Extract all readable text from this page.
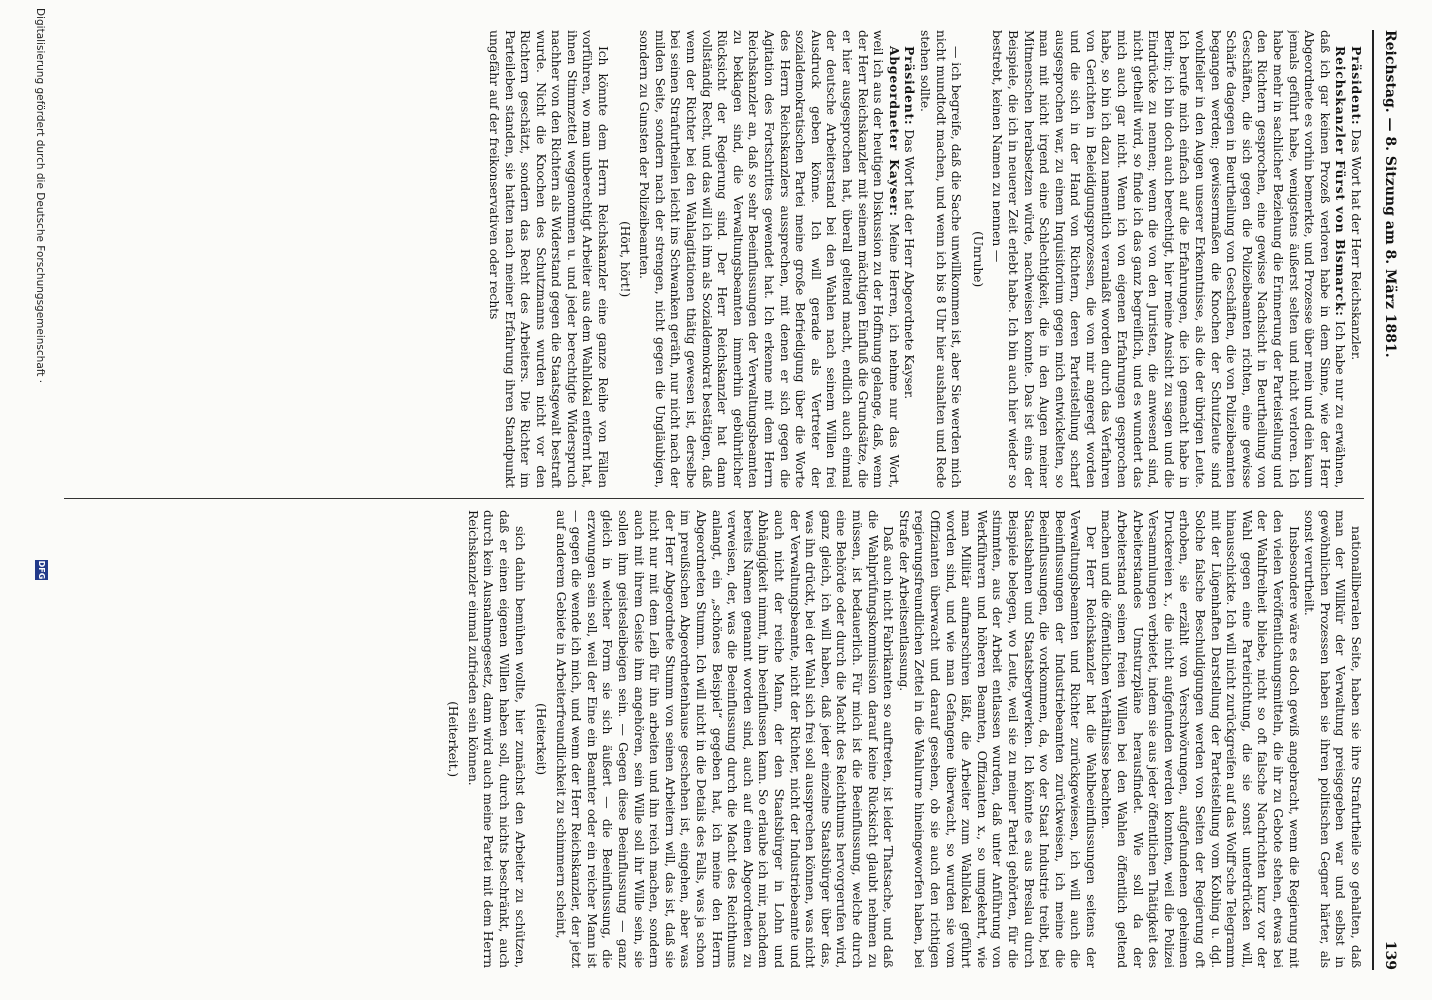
Reichstag. — 8. Sitzung am 8. März 1881.
139

Präsident: Das Wort hat der Herr Reichskanzler.

Reichskanzler Fürst von Bismarck: Ich habe nur zu erwähnen, daß ich gar keinen Prozeß verloren habe in dem Sinne, wie der Herr Abgeordnete es vorhin bemerkte, und Prozesse über mein und dein kaum jemals geführt habe, wenigstens äußerst selten und nicht verloren. Ich habe mehr in sachlicher Beziehung die Erinnerung der Parteistellung und den Richtern gesprochen, eine gewisse Nachsicht in Beurtheilung von Geschäften, die sich gegen die Polizeibeamten richten, eine gewisse Schärfe dagegen in Beurtheilung von Geschäften, die von Polizeibeamten begangen werden; gewissermaßen die Knochen der Schutzleute sind wohlfeiler in den Augen unserer Erkenntnisse, als die der übrigen Leute. Ich berufe mich einfach auf die Erfahrungen, die ich gemacht habe in Berlin; ich bin doch auch berechtigt, hier meine Ansicht zu sagen und die Eindrücke zu nennen; wenn die von den Juristen, die anwesend sind, nicht getheilt wird, so finde ich das ganz begreiflich, und es wundert das mich auch gar nicht. Wenn ich von eigenen Erfahrungen gesprochen habe, so bin ich dazu namentlich veranlaßt worden durch das Verfahren von Gerichten in Beleidigungsprozessen, die von mir angeregt worden und die sich in der Hand von Richtern, deren Parteistellung scharf ausgesprochen war, zu einem Inquisitorium gegen mich entwickelten, so man mit nicht irgend eine Schlechtigkeit, die in den Augen meiner Mitmenschen herabsetzen würde, nachweisen konnte. Das ist eins der Beispiele, die ich in neuerer Zeit erlebt habe. Ich bin auch hier wieder so bestrebt, keinen Namen zu nennen —

(Unruhe)

— ich begreife, daß die Sache unwillkommen ist, aber Sie werden mich nicht mundtodt machen, und wenn ich bis 8 Uhr hier aushalten und Rede stehen sollte.

Präsident: Das Wort hat der Herr Abgeordnete Kayser.

Abgeordneter Kayser: Meine Herren, ich nehme nur das Wort, weil ich aus der heutigen Diskussion zu der Hoffnung gelange, daß, wenn der Herr Reichskanzler mit seinem mächtigen Einfluß die Grundsätze, die er hier ausgesprochen hat, überall geltend macht, endlich auch einmal der deutsche Arbeiterstand bei den Wahlen nach seinem Willen frei Ausdruck geben könne. Ich will gerade als Vertreter der sozialdemokratischen Partei meine große Befriedigung über die Worte des Herrn Reichskanzlers aussprechen, mit denen er sich gegen die Agitation des Fortschrittes gewendet hat. Ich erkenne mit dem Herrn Reichskanzler an, daß so sehr Beeinflussungen der Verwaltungsbeamten zu beklagen sind, die Verwaltungsbeamten immerhin gebührlicher Rücksicht der Regierung sind. Der Herr Reichskanzler hat dann vollständig Recht, und das will ich ihm als Sozialdemokrat bestätigen, daß wenn der Richter bei den Wahlagitationen thätig gewesen ist, derselbe bei seinen Strafurtheilen leicht ins Schwanken geräth, nur nicht nach der milden Seite, sondern nach der strengen, nicht gegen die Ungläubigen, sondern zu Gunsten der Polizeibeamten.

(Hört, hört!)

Ich könnte dem Herrn Reichskanzler eine ganze Reihe von Fällen vorführen, wo man unberechtigt Arbeiter aus dem Wahllokal entfernt hat, ihnen Stimmzettel weggenommen u. und jeder berechtigte Widerspruch nachher von den Richtern als Widerstand gegen die Staatsgewalt bestraft wurde. Nicht die Knochen des Schutzmanns wurden nicht vor den Richtern geschätzt, sondern das Recht des Arbeiters. Die Richter im Parteileben standen, sie hatten nach meiner Erfahrung ihren Standpunkt ungefähr auf der freikonservativen oder rechts

nationalliberalen Seite, haben sie ihre Strafurtheile so gehalten, daß man der Willkür der Verwaltung preisgegeben war und selbst in gewöhnlichen Prozessen haben sie ihren politischen Gegner härter, als sonst verurtheilt.

Insbesondere wäre es doch gewiß angebracht, wenn die Regierung mit den vielen Veröffentlichungsmitteln, die ihr zu Gebote stehen, etwas bei der Wahlfreiheit bliebe, nicht so oft falsche Nachrichten kurz vor der Wahl gegen eine Parteirichtung, die sie sonst unterdrücken will, hinausschickte. Ich will nicht zurückgreifen auf das Wolff'sche Telegramm mit der Lügenhaften Darstellung der Parteistellung vom Kobling u. dgl. Solche falsche Beschuldigungen werden von Seiten der Regierung oft erhoben, sie erzählt von Verschwörungen, aufgefundenen geheimen Druckereien x., die nicht aufgefunden werden konnten, weil die Polizei Versammlungen verbietet, indem sie aus jeder öffentlichen Thätigkeit des Arbeiterstandes Umsturzpläne herausfindet. Wie soll da der Arbeiterstand seinen freien Willen bei den Wahlen öffentlich geltend machen und die öffentlichen Verhältnisse beachten.

Der Herr Reichskanzler hat die Wahlbeeinflussungen seitens der Verwaltungsbeamten und Richter zurückgewiesen, ich will auch die Beeinflussungen der Industriebeamten zurückweisen, ich meine die Beeinflussungen, die vorkommen, da, wo der Staat Industrie treibt, bei Staatsbahnen und Staatsbergwerken. Ich könnte es aus Breslau durch Beispiele belegen, wo Leute, weil sie zu meiner Partei gehörten, für die stimmten, aus der Arbeit entlassen wurden, daß unter Anführung von Werkführern und höheren Beamten, Offizianten x., so umgekehrt, wie man Militär aufmarschiren läßt, die Arbeiter zum Wahllokal geführt worden sind, und wie man Gefangene überwacht, so wurden sie vom Offizianten überwacht und darauf gesehen, ob sie auch den richtigen regierungsfreundlichen Zettel in die Wahlurne hineingeworfen haben, bei Strafe der Arbeitsentlassung.

Daß auch nicht Fabrikanten so auftreten, ist leider Thatsache, und daß die Wahlprüfungskommission darauf keine Rücksicht glaubt nehmen zu müssen, ist bedauerlich. Für mich ist die Beeinflussung, welche durch eine Behörde oder durch die Macht des Reichthums hervorgerufen wird, ganz gleich, ich will haben, daß jeder einzelne Staatsbürger über das, was ihn drückt, bei der Wahl sich frei soll aussprechen können, was nicht der Verwaltungsbeamte, nicht der Richter, nicht der Industriebeamte und auch nicht der reiche Mann, der den Staatsbürger in Lohn und Abhängigkeit nimmt, ihn beeinflussen kann. So erlaube ich mir, nachdem bereits Namen genannt worden sind, auch auf einen Abgeordneten zu verweisen, der, was die Beeinflussung durch die Macht des Reichthums anlangt, ein „schönes Beispiel“ gegeben hat, ich meine den Herrn Abgeordneten Stumm. Ich will nicht in die Details des Falls, was ja schon im preußischen Abgeordnetenhause geschehen ist, eingehen, aber was der Herr Abgeordnete Stumm von seinen Arbeitern will, das ist, daß sie nicht nur mit dem Leib für ihn arbeiten und ihn reich machen, sondern auch mit ihrem Geiste ihm angehören, sein Wille soll ihr Wille sein, sie sollen ihm geistesleibeigen sein. — Gegen diese Beeinflussung — ganz gleich in welcher Form sie sich äußert — die Beeinflussung, die erzwungen sein soll, weil der Eine ein Beamter oder ein reicher Mann ist — gegen die wende ich mich, und wenn der Herr Reichskanzler, der jetzt auf anderem Gebiete in Arbeiterfreundlichkeit zu schimmern scheint,

(Heiterkeit)

sich dahin bemühen wollte, hier zunächst den Arbeiter zu schützen, daß er einen eigenen Willen haben soll, durch nichts beschränkt, auch durch kein Ausnahmegesetz, dann wird auch meine Partei mit dem Herrn Reichskanzler einmal zufrieden sein können.

(Heiterkeit.)

Digitalisierung gefördert durch die Deutsche Forschungsgemeinschaft ·
DFG
